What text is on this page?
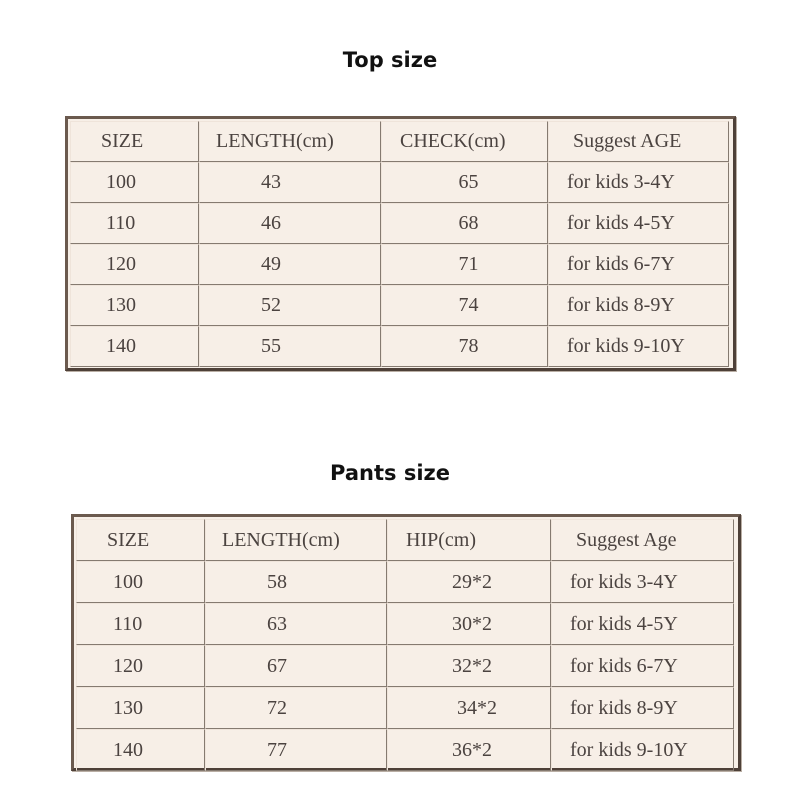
Top size
SIZE	LENGTH(cm)	CHECK(cm)	Suggest AGE
100	43	65	for kids 3-4Y
110	46	68	for kids 4-5Y
120	49	71	for kids 6-7Y
130	52	74	for kids 8-9Y
140	55	78	for kids 9-10Y
Pants size
SIZE	LENGTH(cm)	HIP(cm)	Suggest Age
100	58	29*2	for kids 3-4Y
110	63	30*2	for kids 4-5Y
120	67	32*2	for kids 6-7Y
130	72	34*2	for kids 8-9Y
140	77	36*2	for kids 9-10Y
